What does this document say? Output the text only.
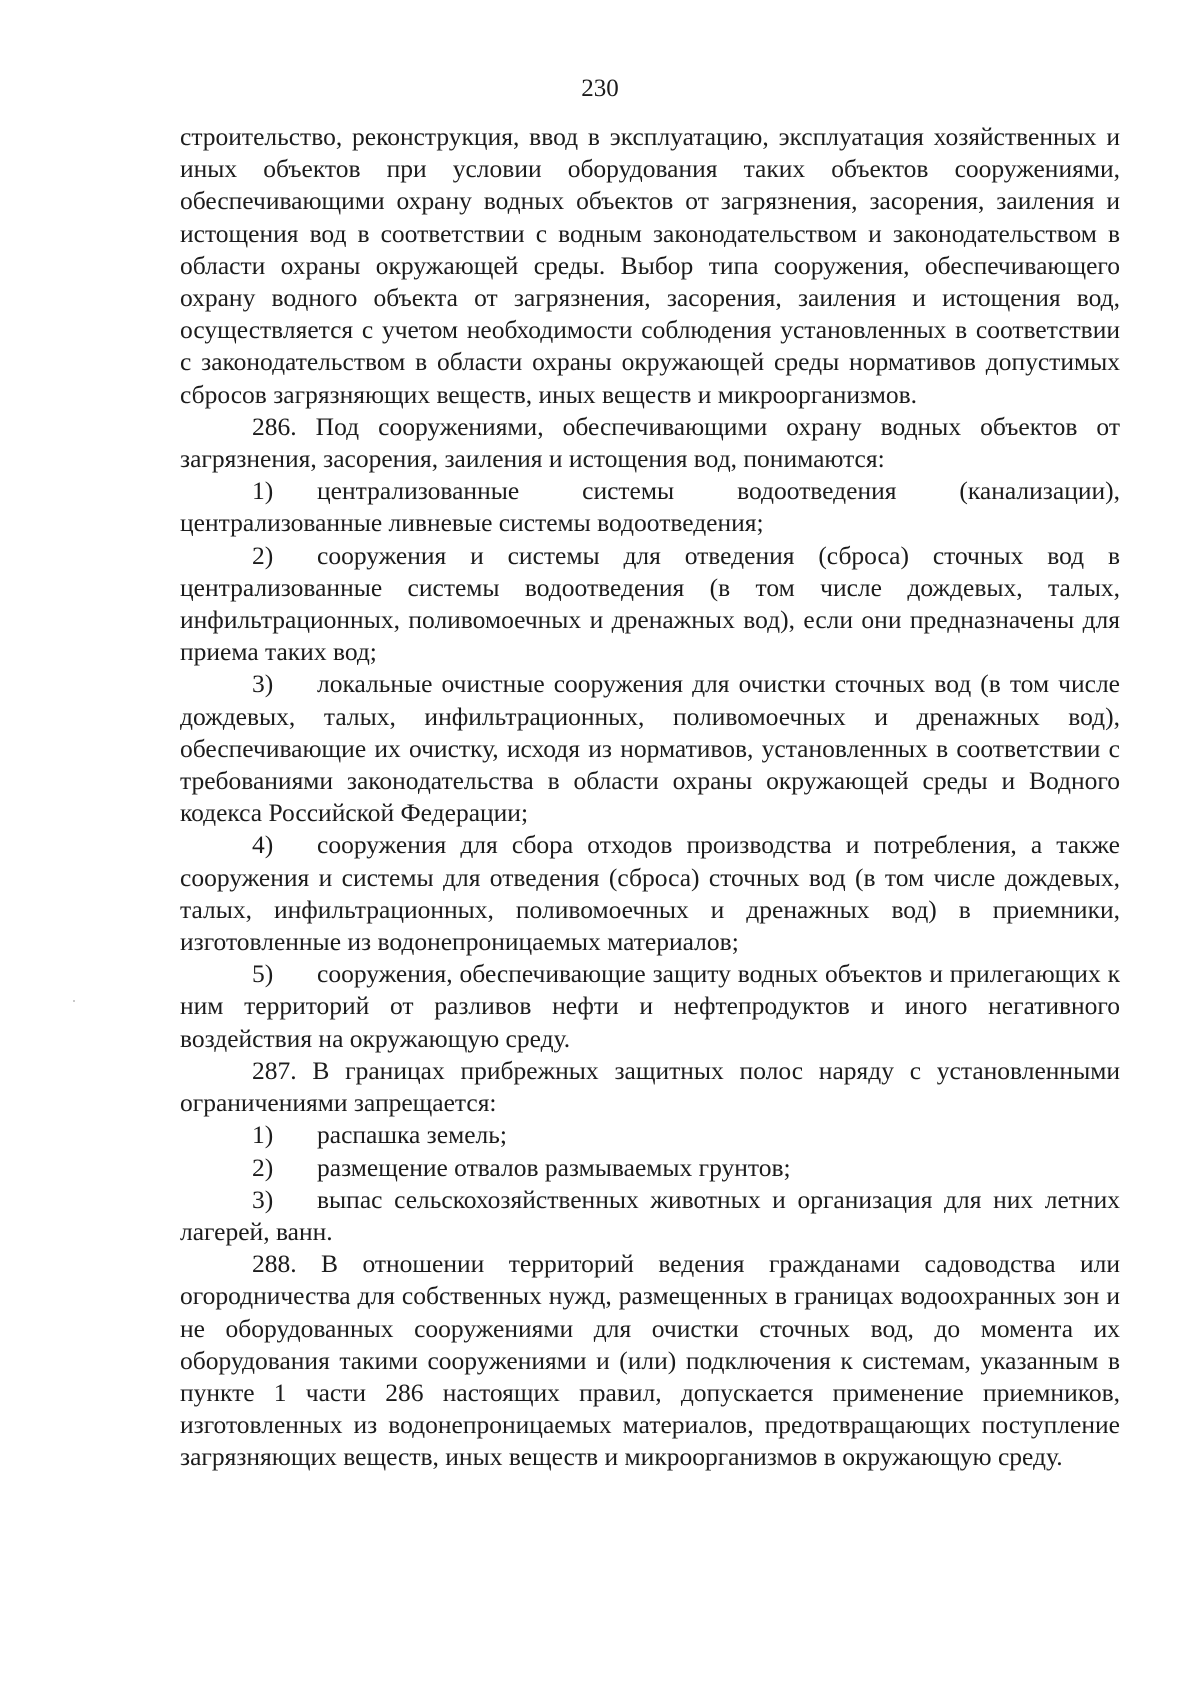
230

строительство, реконструкция, ввод в эксплуатацию, эксплуатация хозяйственных и иных объектов при условии оборудования таких объектов сооружениями, обеспечивающими охрану водных объектов от загрязнения, засорения, заиления и истощения вод в соответствии с водным законодательством и законодательством в области охраны окружающей среды. Выбор типа сооружения, обеспечивающего охрану водного объекта от загрязнения, засорения, заиления и истощения вод, осуществляется с учетом необходимости соблюдения установленных в соответствии с законодательством в области охраны окружающей среды нормативов допустимых сбросов загрязняющих веществ, иных веществ и микроорганизмов.

286. Под сооружениями, обеспечивающими охрану водных объектов от загрязнения, засорения, заиления и истощения вод, понимаются:

1) централизованные системы водоотведения (канализации), централизованные ливневые системы водоотведения;

2) сооружения и системы для отведения (сброса) сточных вод в централизованные системы водоотведения (в том числе дождевых, талых, инфильтрационных, поливомоечных и дренажных вод), если они предназначены для приема таких вод;

3) локальные очистные сооружения для очистки сточных вод (в том числе дождевых, талых, инфильтрационных, поливомоечных и дренажных вод), обеспечивающие их очистку, исходя из нормативов, установленных в соответствии с требованиями законодательства в области охраны окружающей среды и Водного кодекса Российской Федерации;

4) сооружения для сбора отходов производства и потребления, а также сооружения и системы для отведения (сброса) сточных вод (в том числе дождевых, талых, инфильтрационных, поливомоечных и дренажных вод) в приемники, изготовленные из водонепроницаемых материалов;

5) сооружения, обеспечивающие защиту водных объектов и прилегающих к ним территорий от разливов нефти и нефтепродуктов и иного негативного воздействия на окружающую среду.

287. В границах прибрежных защитных полос наряду с установленными ограничениями запрещается:

1) распашка земель;

2) размещение отвалов размываемых грунтов;

3) выпас сельскохозяйственных животных и организация для них летних лагерей, ванн.

288. В отношении территорий ведения гражданами садоводства или огородничества для собственных нужд, размещенных в границах водоохранных зон и не оборудованных сооружениями для очистки сточных вод, до момента их оборудования такими сооружениями и (или) подключения к системам, указанным в пункте 1 части 286 настоящих правил, допускается применение приемников, изготовленных из водонепроницаемых материалов, предотвращающих поступление загрязняющих веществ, иных веществ и микроорганизмов в окружающую среду.
